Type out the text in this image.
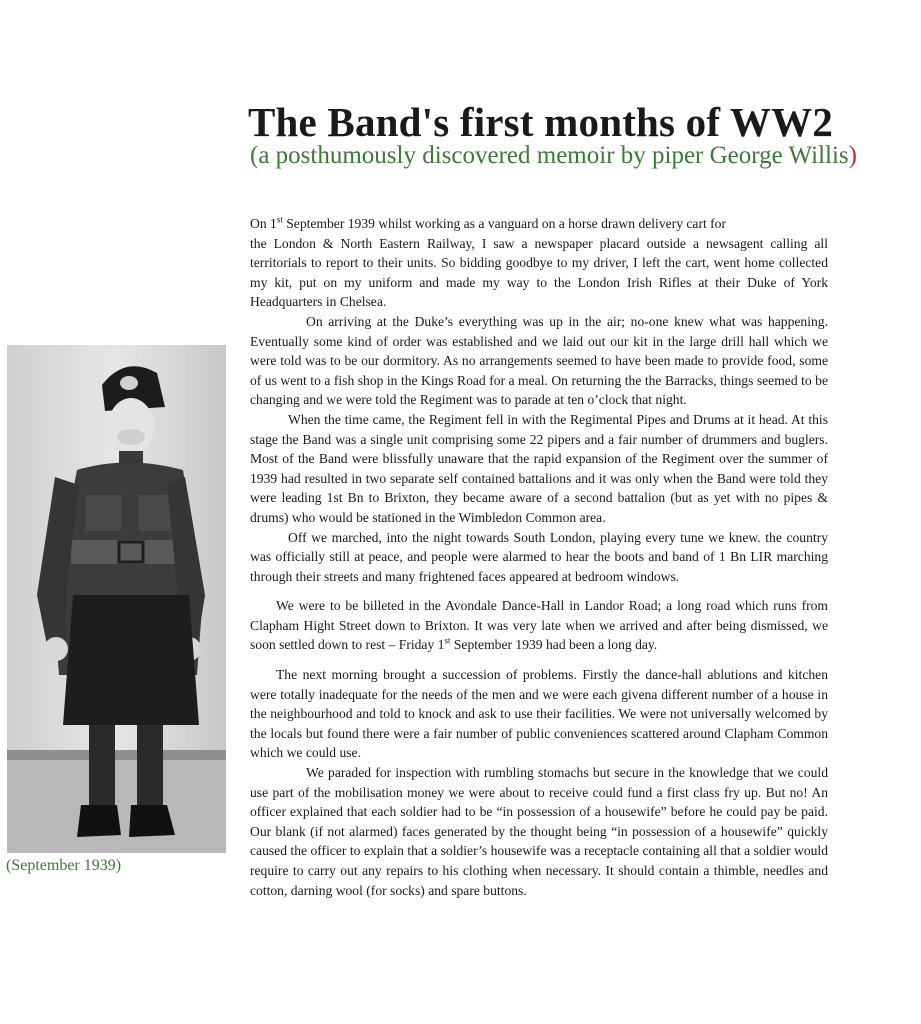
The Band's first months of WW2

(a posthumously discovered memoir by piper George Willis)

(September 1939)

On 1st September 1939 whilst working as a vanguard on a horse drawn delivery cart for
the London & North Eastern Railway, I saw a newspaper placard outside a newsagent calling all territorials to report to their units. So bidding goodbye to my driver, I left the cart, went home collected my kit, put on my uniform and made my way to the London Irish Rifles at their Duke of York Headquarters in Chelsea.

On arriving at the Duke’s everything was up in the air; no-one knew what was happening. Eventually some kind of order was established and we laid out our kit in the large drill hall which we were told was to be our dormitory. As no arrangements seemed to have been made to provide food, some of us went to a fish shop in the Kings Road for a meal. On returning the the Barracks, things seemed to be changing and we were told the Regiment was to parade at ten o’clock that night.

When the time came, the Regiment fell in with the Regimental Pipes and Drums at it head. At this stage the Band was a single unit comprising some 22 pipers and a fair number of drummers and buglers. Most of the Band were blissfully unaware that the rapid expansion of the Regiment over the summer of 1939 had resulted in two separate self contained battalions and it was only when the Band were told they were leading 1st Bn to Brixton, they became aware of a second battalion (but as yet with no pipes & drums) who would be stationed in the Wimbledon Common area.

Off we marched, into the night towards South London, playing every tune we knew. the country was officially still at peace, and people were alarmed to hear the boots and band of 1 Bn LIR marching through their streets and many frightened faces appeared at bedroom windows.

We were to be billeted in the Avondale Dance-Hall in Landor Road; a long road which runs from Clapham Hight Street down to Brixton. It was very late when we arrived and after being dismissed, we soon settled down to rest – Friday 1st September 1939 had been a long day.

The next morning brought a succession of problems. Firstly the dance-hall ablutions and kitchen were totally inadequate for the needs of the men and we were each givena different number of a house in the neighbourhood and told to knock and ask to use their facilities. We were not universally welcomed by the locals but found there were a fair number of public conveniences scattered around Clapham Common which we could use.

We paraded for inspection with rumbling stomachs but secure in the knowledge that we could use part of the mobilisation money we were about to receive could fund a first class fry up. But no! An officer explained that each soldier had to be “in possession of a housewife” before he could pay be paid. Our blank (if not alarmed) faces generated by the thought being “in possession of a housewife” quickly caused the officer to explain that a soldier’s housewife was a receptacle containing all that a soldier would require to carry out any repairs to his clothing when necessary. It should contain a thimble, needles and cotton, darning wool (for socks) and spare buttons.
